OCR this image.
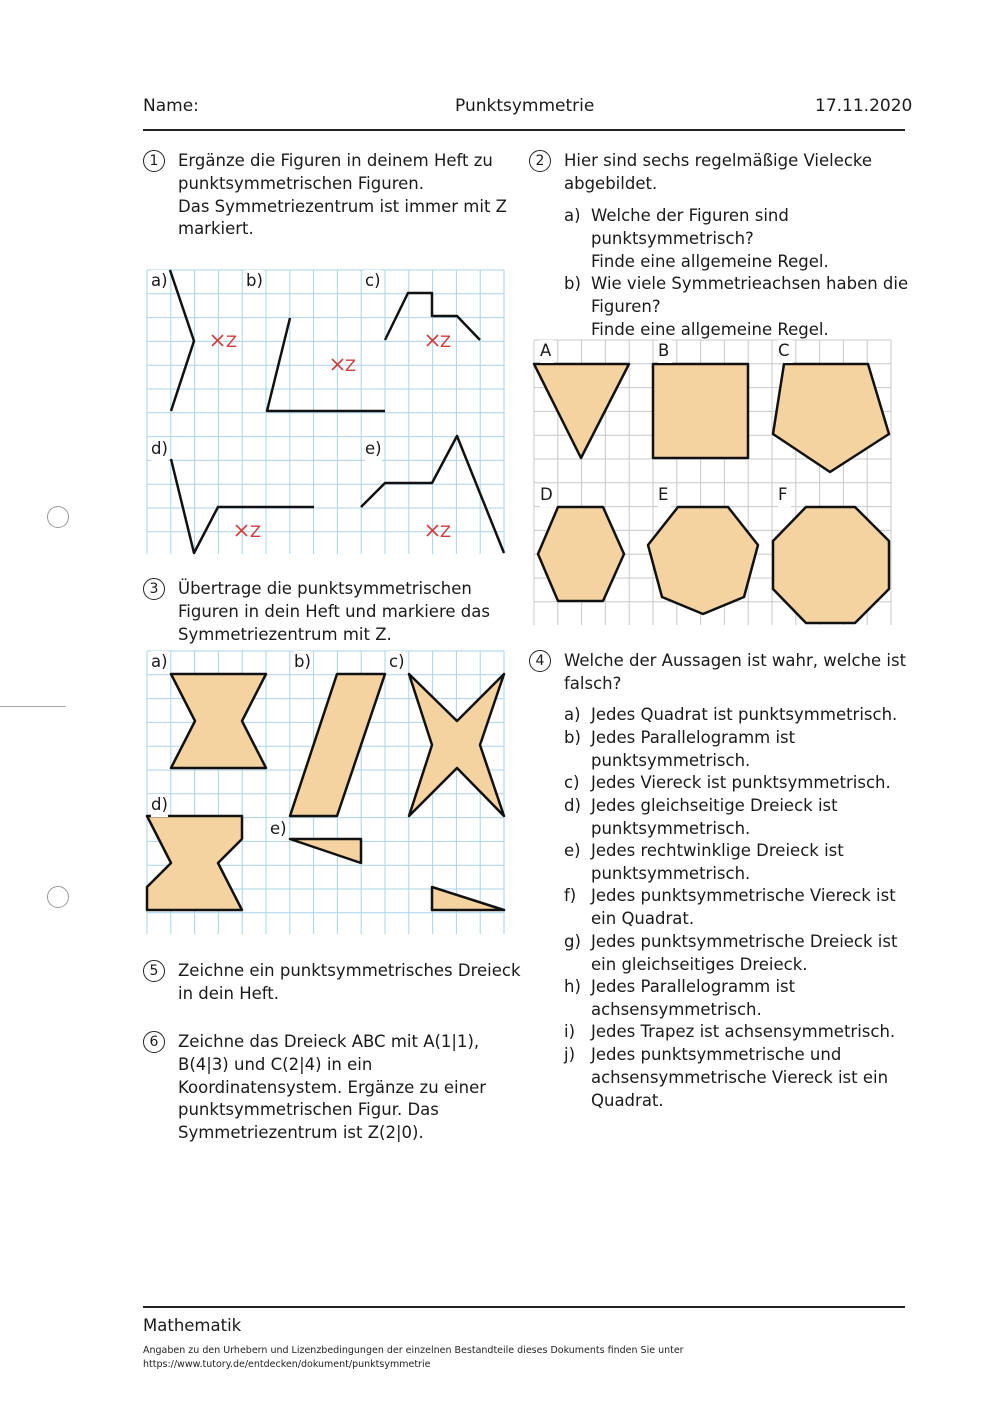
Name:	Punktsymmetrie	17.11.2020
1	Ergänze die Figuren in deinem Heft zu
punktsymmetrischen Figuren.
Das Symmetriezentrum ist immer mit Z
markiert.
Z
Z
Z
Z	Z
a)	b)	c)
d)	e)
2	Hier sind sechs regelmäßige Vielecke
abgebildet.
a) Welche der Figuren sind
punktsymmetrisch?
Finde eine allgemeine Regel.
b) Wie viele Symmetrieachsen haben die
Figuren?
Finde eine allgemeine Regel.
A	B	C
D	E	F
3	Übertrage die punktsymmetrischen
Figuren in dein Heft und markiere das
Symmetriezentrum mit Z.
a)	b)	c)
d)
e)
4	Welche der Aussagen ist wahr, welche ist
falsch?
a) Jedes Quadrat ist punktsymmetrisch.
b) Jedes Parallelogramm ist
punktsymmetrisch.
c) Jedes Viereck ist punktsymmetrisch.
d) Jedes gleichseitige Dreieck ist
punktsymmetrisch.
e) Jedes rechtwinklige Dreieck ist
punktsymmetrisch.
f) Jedes punktsymmetrische Viereck ist
ein Quadrat.
g) Jedes punktsymmetrische Dreieck ist
ein gleichseitiges Dreieck.
h) Jedes Parallelogramm ist
achsensymmetrisch.
i) Jedes Trapez ist achsensymmetrisch.
j) Jedes punktsymmetrische und
achsensymmetrische Viereck ist ein
Quadrat.
5	Zeichne ein punktsymmetrisches Dreieck
in dein Heft.
6	Zeichne das Dreieck ABC mit A(1|1),
B(4|3) und C(2|4) in ein
Koordinatensystem. Ergänze zu einer
punktsymmetrischen Figur. Das
Symmetriezentrum ist Z(2|0).
Mathematik
Angaben zu den Urhebern und Lizenzbedingungen der einzelnen Bestandteile dieses Dokuments finden Sie unter
https://www.tutory.de/entdecken/dokument/punktsymmetrie
